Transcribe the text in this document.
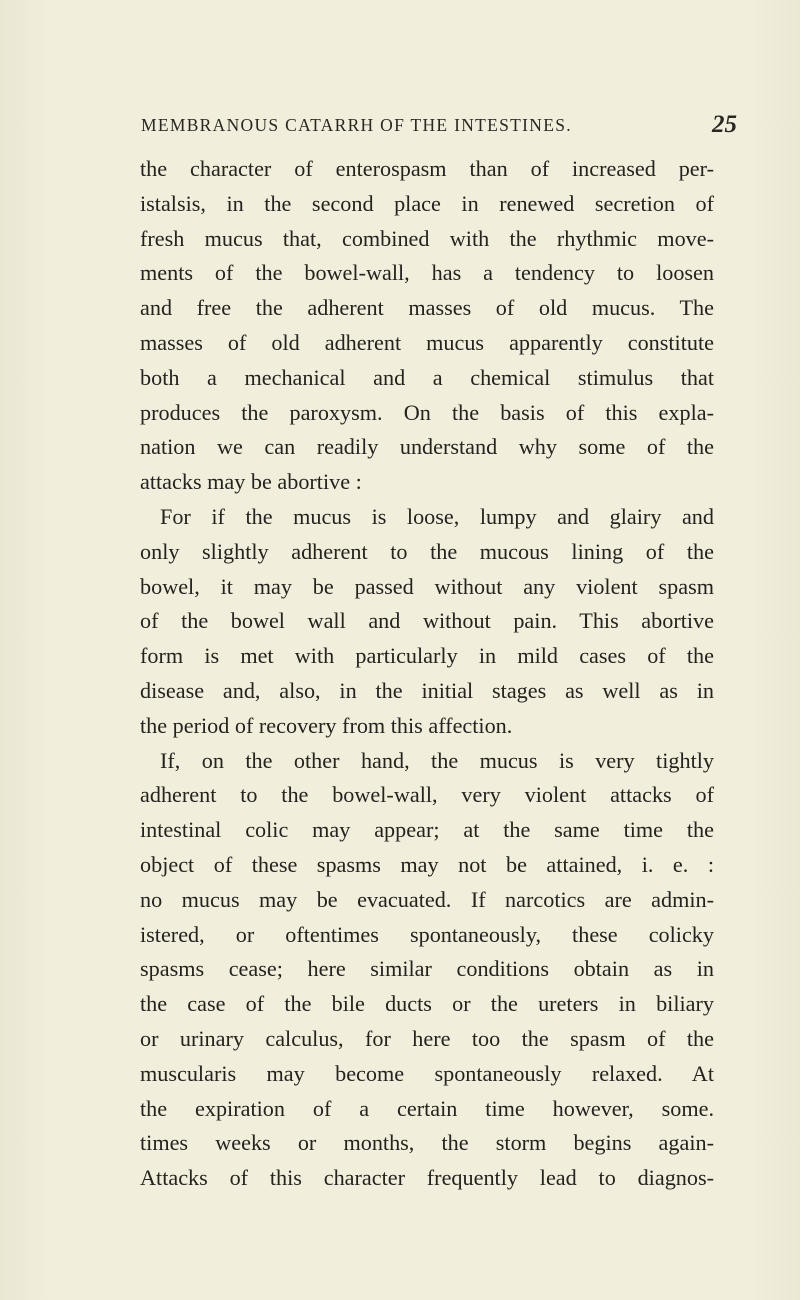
MEMBRANOUS CATARRH OF THE INTESTINES.	25
the character of enterospasm than of increased per-
istalsis, in the second place in renewed secretion of
fresh mucus that, combined with the rhythmic move-
ments of the bowel-wall, has a tendency to loosen
and free the adherent masses of old mucus. The
masses of old adherent mucus apparently constitute
both a mechanical and a chemical stimulus that
produces the paroxysm. On the basis of this expla-
nation we can readily understand why some of the
attacks may be abortive :
For if the mucus is loose, lumpy and glairy and
only slightly adherent to the mucous lining of the
bowel, it may be passed without any violent spasm
of the bowel wall and without pain. This abortive
form is met with particularly in mild cases of the
disease and, also, in the initial stages as well as in
the period of recovery from this affection.
If, on the other hand, the mucus is very tightly
adherent to the bowel-wall, very violent attacks of
intestinal colic may appear; at the same time the
object of these spasms may not be attained, i. e. :
no mucus may be evacuated. If narcotics are admin-
istered, or oftentimes spontaneously, these colicky
spasms cease; here similar conditions obtain as in
the case of the bile ducts or the ureters in biliary
or urinary calculus, for here too the spasm of the
muscularis may become spontaneously relaxed. At
the expiration of a certain time however, some.
times weeks or months, the storm begins again-
Attacks of this character frequently lead to diagnos-
